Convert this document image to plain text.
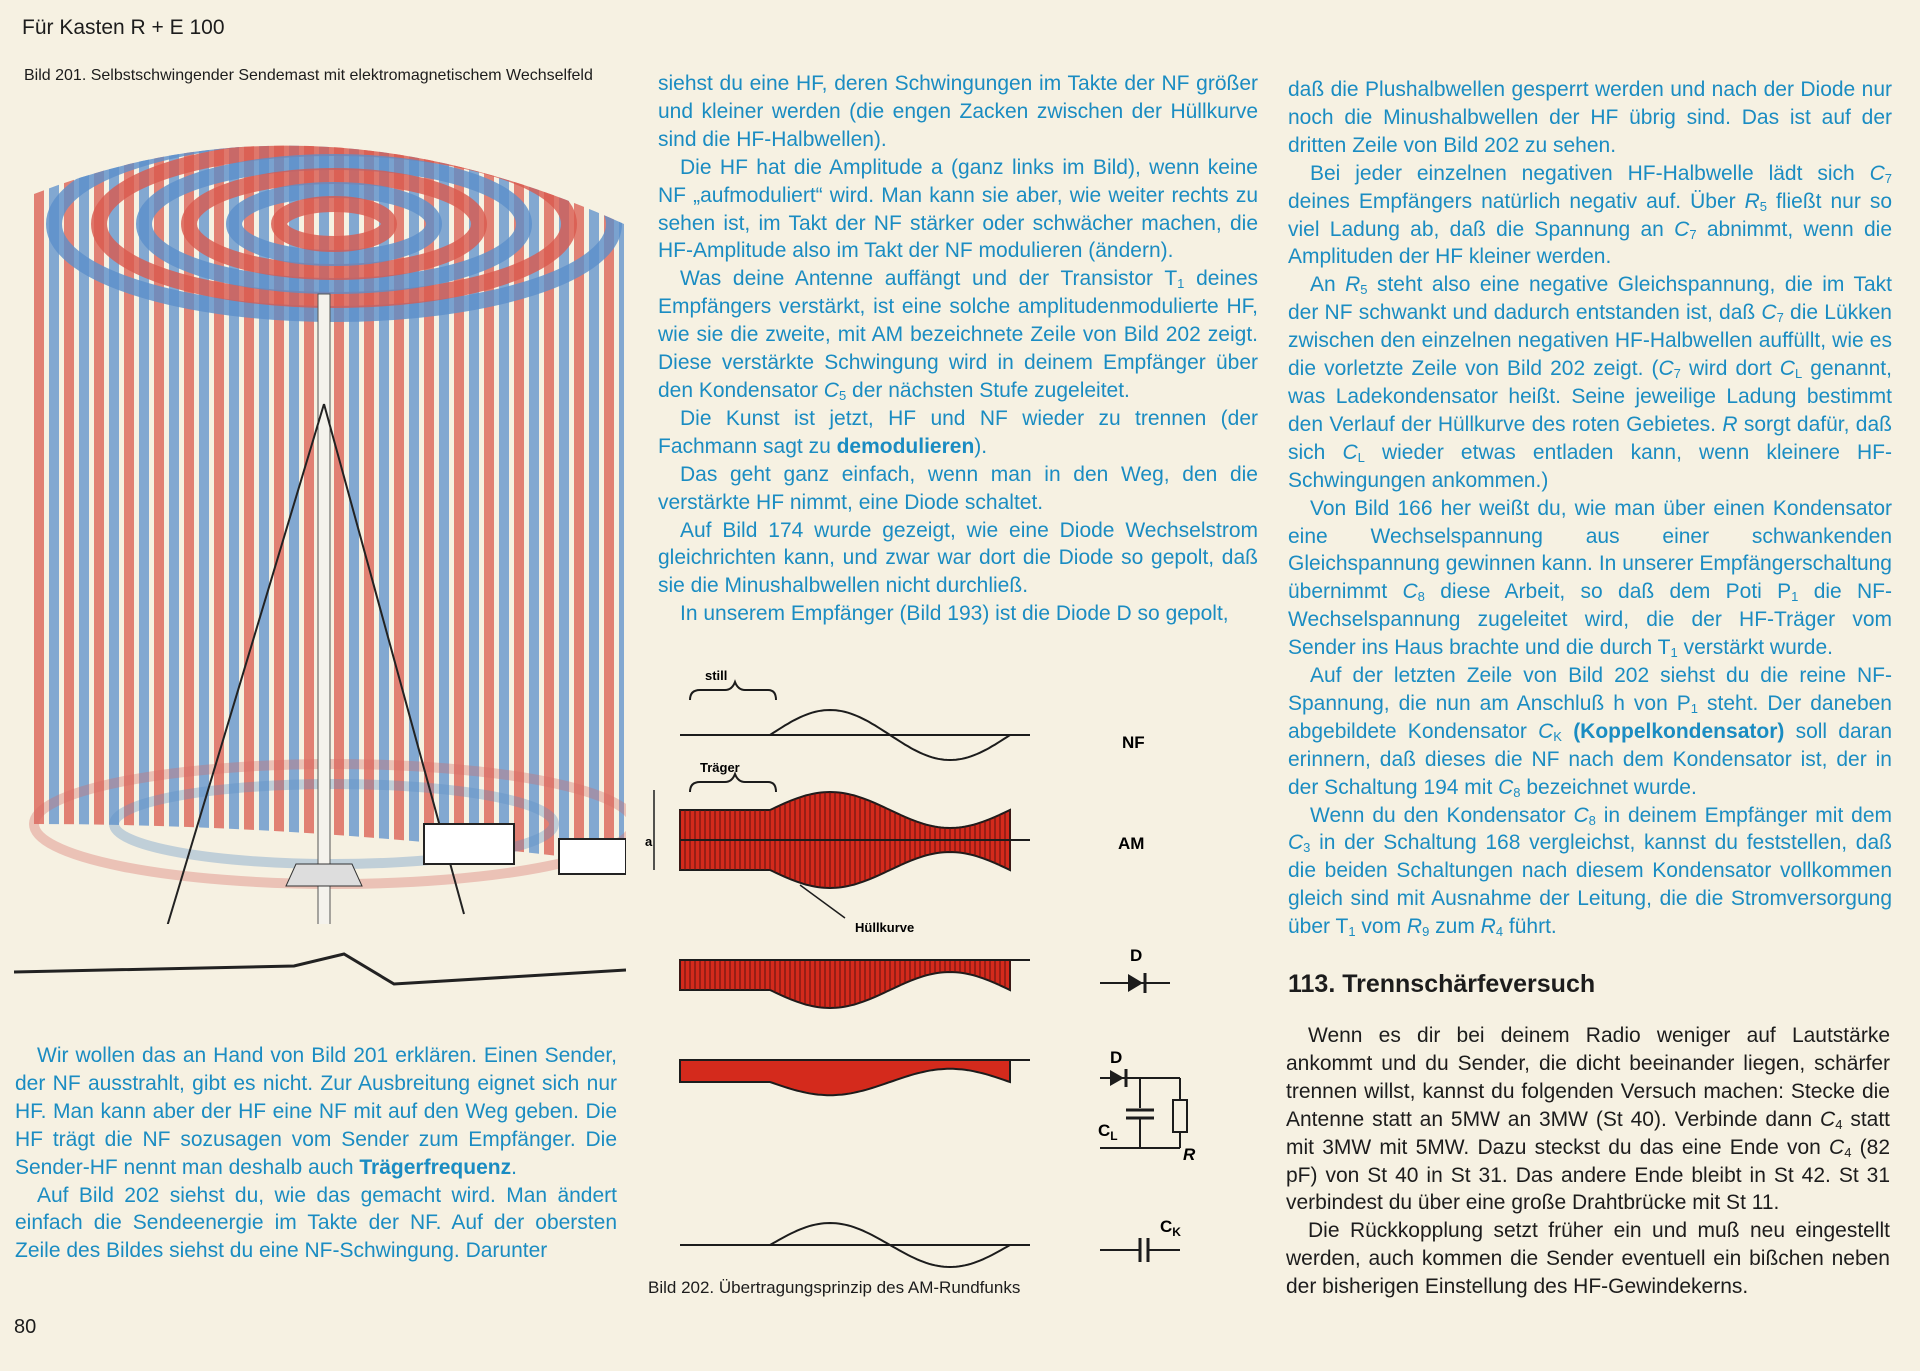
Für Kasten R + E 100
80
Bild 201. Selbstschwingender Sendemast mit elektromagnetischem Wechselfeld

Wir wollen das an Hand von Bild 201 erklären. Einen Sender, der NF ausstrahlt, gibt es nicht. Zur Ausbreitung eignet sich nur HF. Man kann aber der HF eine NF mit auf den Weg geben. Die HF trägt die NF sozusagen vom Sender zum Empfänger. Die Sender-HF nennt man deshalb auch Trägerfrequenz.

Auf Bild 202 siehst du, wie das gemacht wird. Man ändert einfach die Sendeenergie im Takte der NF. Auf der obersten Zeile des Bildes siehst du eine NF-Schwingung. Darunter

siehst du eine HF, deren Schwingungen im Takte der NF größer und kleiner werden (die engen Zacken zwischen der Hüllkurve sind die HF-Halbwellen).

Die HF hat die Amplitude a (ganz links im Bild), wenn keine NF „aufmoduliert“ wird. Man kann sie aber, wie weiter rechts zu sehen ist, im Takt der NF stärker oder schwächer machen, die HF-Amplitude also im Takt der NF modulieren (ändern).

Was deine Antenne auffängt und der Transistor $T_1$ deines Empfängers verstärkt, ist eine solche amplitudenmodulierte HF, wie sie die zweite, mit AM bezeichnete Zeile von Bild 202 zeigt. Diese verstärkte Schwingung wird in deinem Empfänger über den Kondensator $C_5$ der nächsten Stufe zugeleitet.

Die Kunst ist jetzt, HF und NF wieder zu trennen (der Fachmann sagt zu demodulieren).

Das geht ganz einfach, wenn man in den Weg, den die verstärkte HF nimmt, eine Diode schaltet.

Auf Bild 174 wurde gezeigt, wie eine Diode Wechselstrom gleichrichten kann, und zwar war dort die Diode so gepolt, daß sie die Minushalbwellen nicht durchließ.

In unserem Empfänger (Bild 193) ist die Diode D so gepolt,

daß die Plushalbwellen gesperrt werden und nach der Diode nur noch die Minushalbwellen der HF übrig sind. Das ist auf der dritten Zeile von Bild 202 zu sehen.

Bei jeder einzelnen negativen HF-Halbwelle lädt sich $C_7$ deines Empfängers natürlich negativ auf. Über $R_5$ fließt nur so viel Ladung ab, daß die Spannung an $C_7$ abnimmt, wenn die Amplituden der HF kleiner werden.

An $R_5$ steht also eine negative Gleichspannung, die im Takt der NF schwankt und dadurch entstanden ist, daß $C_7$ die Lükken zwischen den einzelnen negativen HF-Halbwellen auffüllt, wie es die vorletzte Zeile von Bild 202 zeigt. ($C_7$ wird dort $C_L$ genannt, was Ladekondensator heißt. Seine jeweilige Ladung bestimmt den Verlauf der Hüllkurve des roten Gebietes. R sorgt dafür, daß sich $C_L$ wieder etwas entladen kann, wenn kleinere HF-Schwingungen ankommen.)

Von Bild 166 her weißt du, wie man über einen Kondensator eine Wechselspannung aus einer schwankenden Gleichspannung gewinnen kann. In unserer Empfängerschaltung übernimmt $C_8$ diese Arbeit, so daß dem Poti $P_1$ die NF-Wechselspannung zugeleitet wird, die der HF-Träger vom Sender ins Haus brachte und die durch $T_1$ verstärkt wurde.

Auf der letzten Zeile von Bild 202 siehst du die reine NF-Spannung, die nun am Anschluß h von $P_1$ steht. Der daneben abgebildete Kondensator $C_K$ (Koppelkondensator) soll daran erinnern, daß dieses die NF nach dem Kondensator ist, der in der Schaltung 194 mit $C_8$ bezeichnet wurde.

Wenn du den Kondensator $C_8$ in deinem Empfänger mit dem $C_3$ in der Schaltung 168 vergleichst, kannst du feststellen, daß die beiden Schaltungen nach diesem Kondensator vollkommen gleich sind mit Ausnahme der Leitung, die die Stromversorgung über $T_1$ vom $R_9$ zum $R_4$ führt.

113. Trennschärfeversuch

Wenn es dir bei deinem Radio weniger auf Lautstärke ankommt und du Sender, die dicht beeinander liegen, schärfer trennen willst, kannst du folgenden Versuch machen: Stecke die Antenne statt an 5MW an 3MW (St 40). Verbinde dann $C_4$ statt mit 3MW mit 5MW. Dazu steckst du das eine Ende von $C_4$ (82 pF) von St 40 in St 31. Das andere Ende bleibt in St 42. St 31 verbindest du über eine große Drahtbrücke mit St 11.

Die Rückkopplung setzt früher ein und muß neu eingestellt werden, auch kommen die Sender eventuell ein bißchen neben der bisherigen Einstellung des HF-Gewindekerns.

still
Träger
a
Hüllkurve
NF
AM
D
D
$C_L$
R
$C_K$
Bild 202. Übertragungsprinzip des AM-Rundfunks
